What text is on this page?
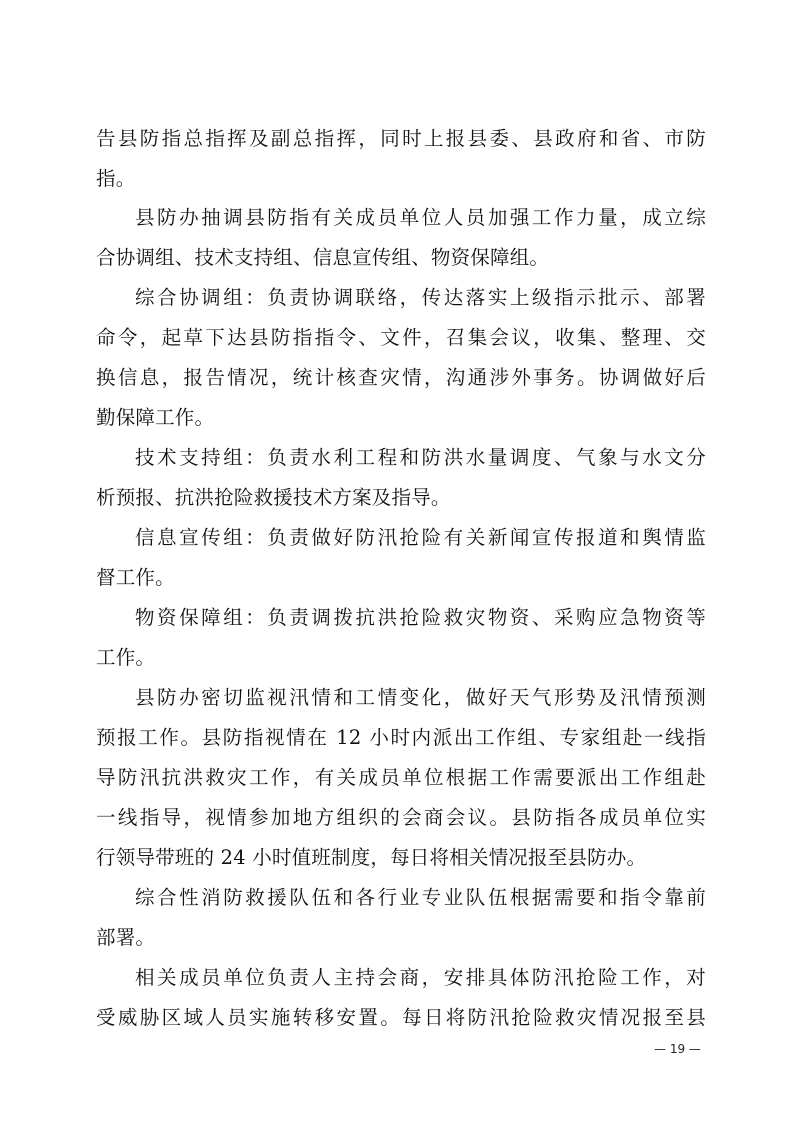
告县防指总指挥及副总指挥，同时上报县委、县政府和省、市防
指。
县防办抽调县防指有关成员单位人员加强工作力量，成立综
合协调组、技术支持组、信息宣传组、物资保障组。
综合协调组：负责协调联络，传达落实上级指示批示、部署
命令，起草下达县防指指令、文件，召集会议，收集、整理、交
换信息，报告情况，统计核查灾情，沟通涉外事务。协调做好后
勤保障工作。
技术支持组：负责水利工程和防洪水量调度、气象与水文分
析预报、抗洪抢险救援技术方案及指导。
信息宣传组：负责做好防汛抢险有关新闻宣传报道和舆情监
督工作。
物资保障组：负责调拨抗洪抢险救灾物资、采购应急物资等
工作。
县防办密切监视汛情和工情变化，做好天气形势及汛情预测
预报工作。县防指视情在 12 小时内派出工作组、专家组赴一线指
导防汛抗洪救灾工作，有关成员单位根据工作需要派出工作组赴
一线指导，视情参加地方组织的会商会议。县防指各成员单位实
行领导带班的 24 小时值班制度，每日将相关情况报至县防办。
综合性消防救援队伍和各行业专业队伍根据需要和指令靠前
部署。
相关成员单位负责人主持会商，安排具体防汛抢险工作，对
受威胁区域人员实施转移安置。每日将防汛抢险救灾情况报至县
— 19 —
